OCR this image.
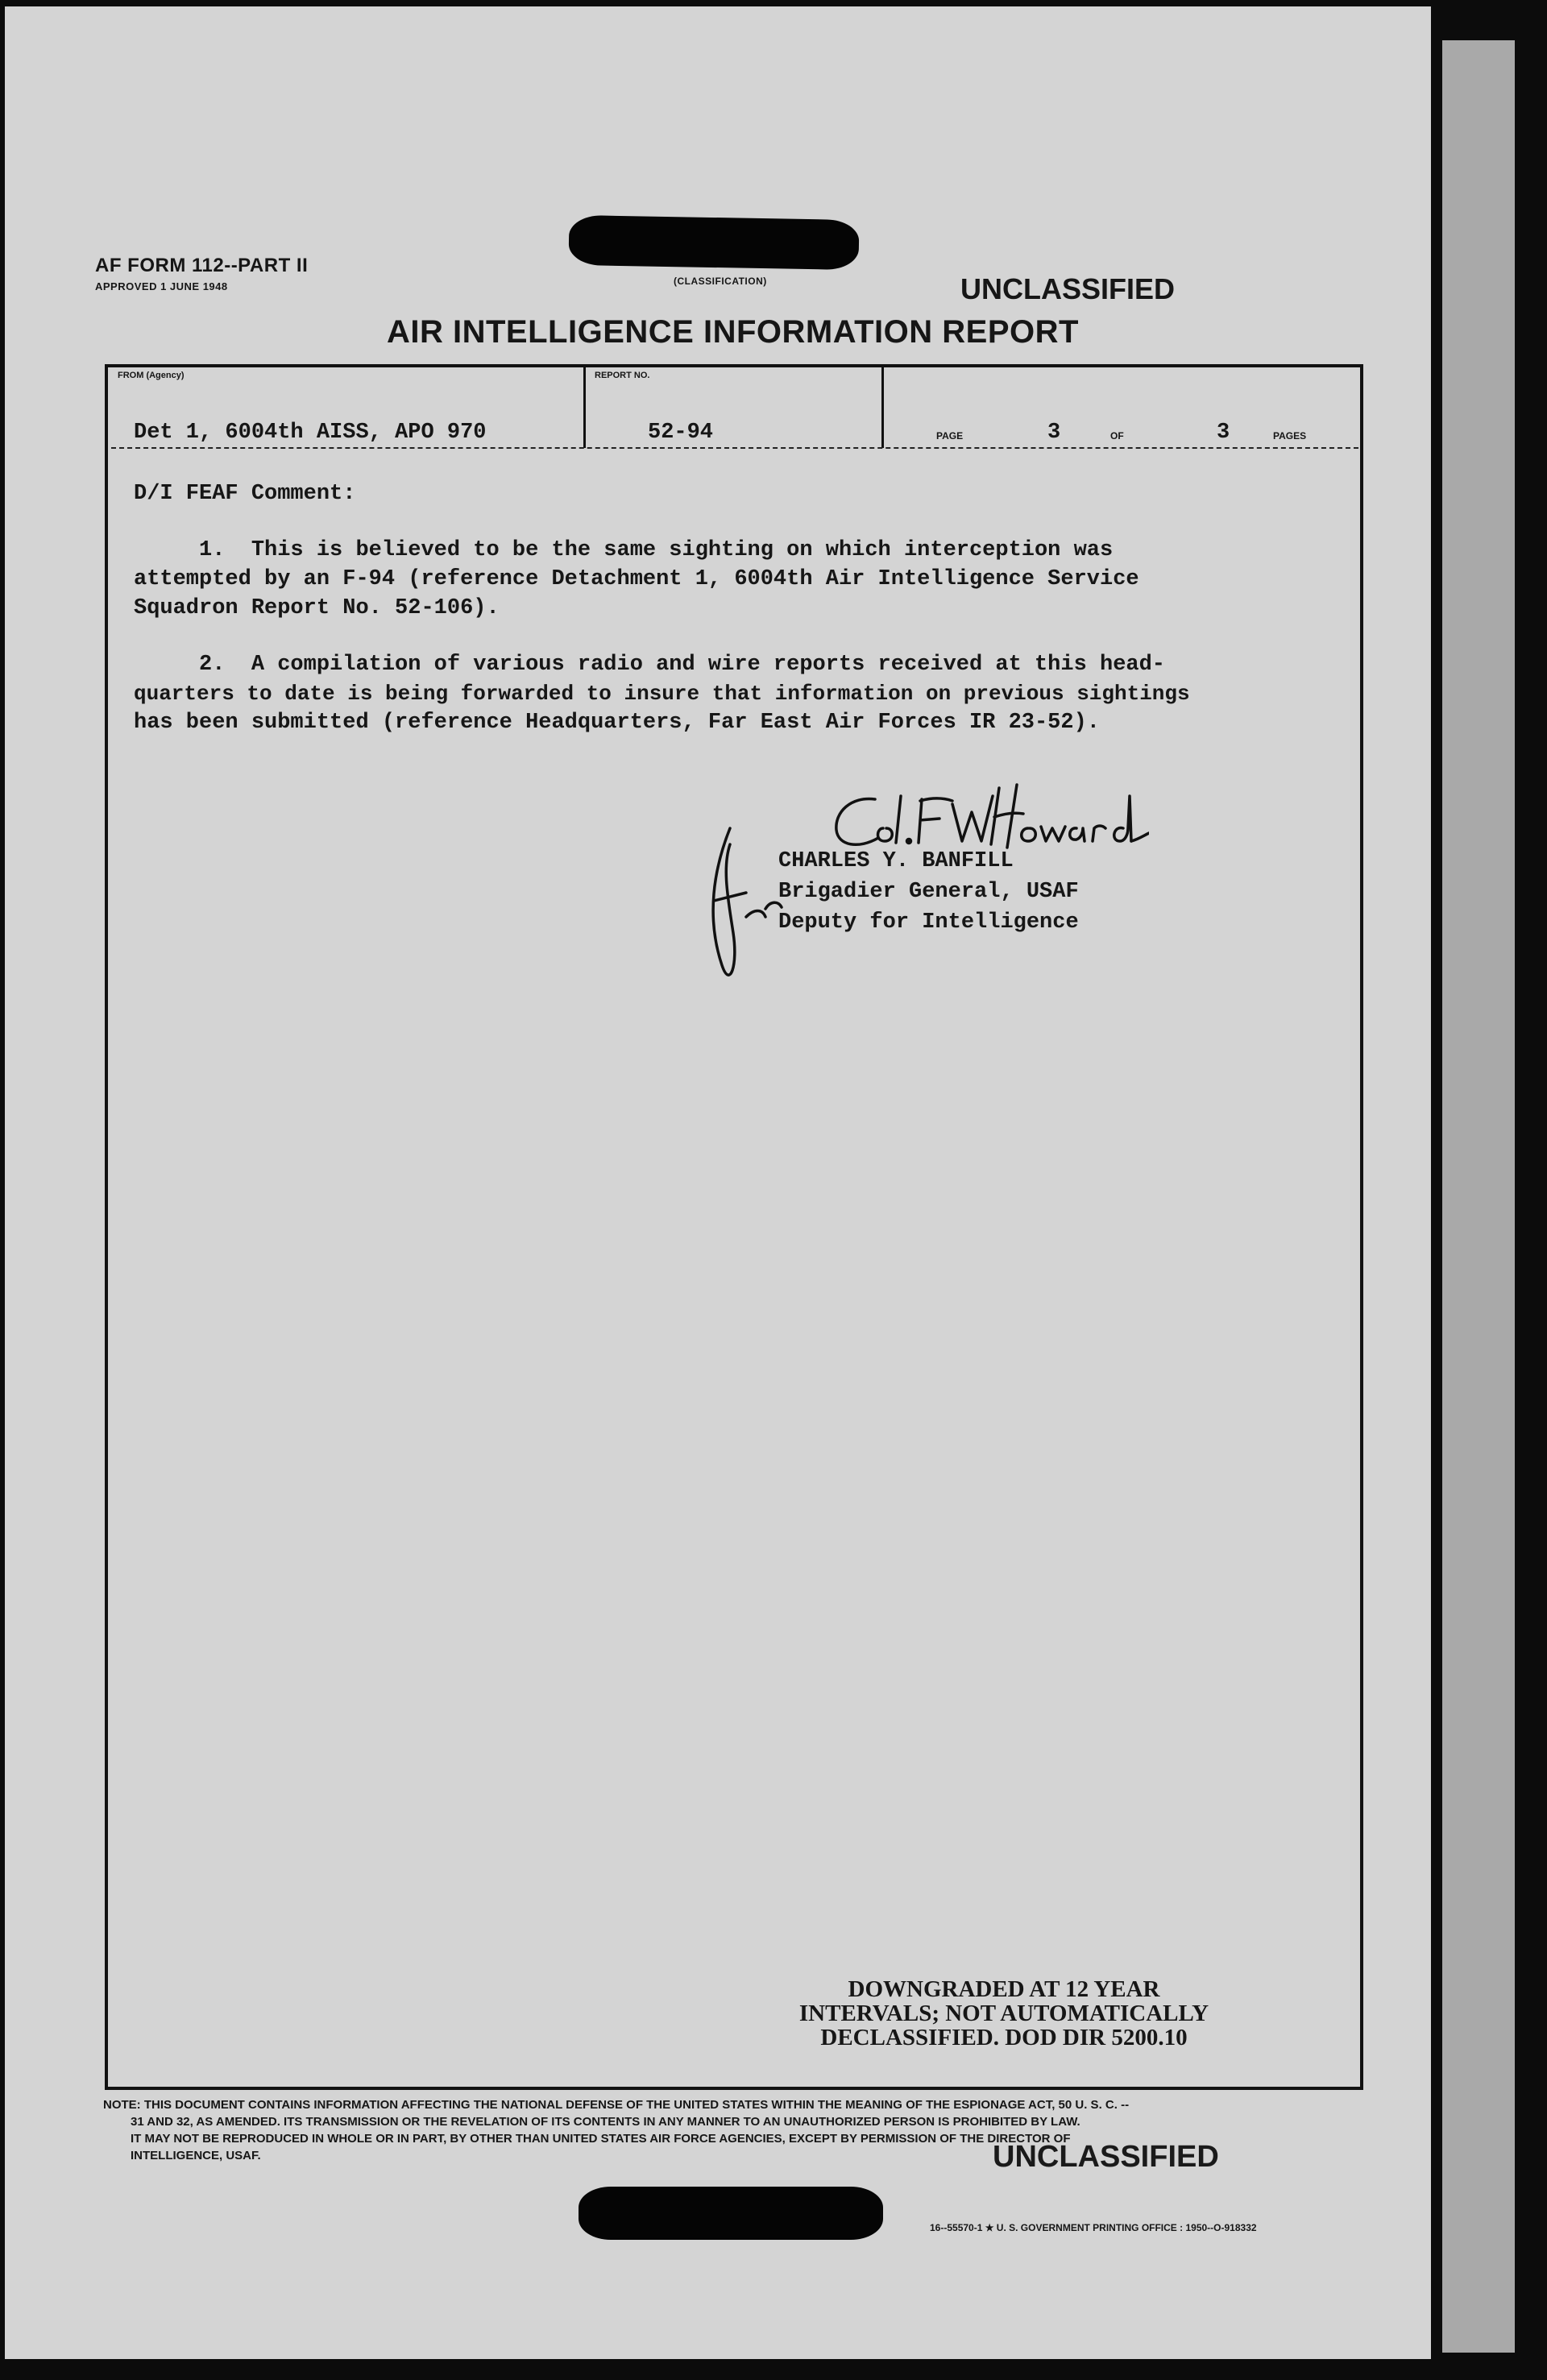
AF FORM 112--PART II
APPROVED 1 JUNE 1948	(CLASSIFICATION)	UNCLASSIFIED
AIR INTELLIGENCE INFORMATION REPORT
FROM (Agency)	REPORT NO.
Det 1, 6004th AISS, APO 970	52-94	PAGE	3	OF	3	PAGES
D/I FEAF Comment:
1.  This is believed to be the same sighting on which interception was
attempted by an F-94 (reference Detachment 1, 6004th Air Intelligence Service
Squadron Report No. 52-106).
2.  A compilation of various radio and wire reports received at this head-
quarters to date is being forwarded to insure that information on previous sightings
has been submitted (reference Headquarters, Far East Air Forces IR 23-52).
CHARLES Y. BANFILL
Brigadier General, USAF
Deputy for Intelligence
DOWNGRADED AT 12 YEAR
INTERVALS; NOT AUTOMATICALLY
DECLASSIFIED. DOD DIR 5200.10
NOTE: THIS DOCUMENT CONTAINS INFORMATION AFFECTING THE NATIONAL DEFENSE OF THE UNITED STATES WITHIN THE MEANING OF THE ESPIONAGE ACT, 50 U. S. C. --
31 AND 32, AS AMENDED. ITS TRANSMISSION OR THE REVELATION OF ITS CONTENTS IN ANY MANNER TO AN UNAUTHORIZED PERSON IS PROHIBITED BY LAW.
IT MAY NOT BE REPRODUCED IN WHOLE OR IN PART, BY OTHER THAN UNITED STATES AIR FORCE AGENCIES, EXCEPT BY PERMISSION OF THE DIRECTOR OF
INTELLIGENCE, USAF.	UNCLASSIFIED
16--55570-1 ★ U. S. GOVERNMENT PRINTING OFFICE : 1950--O-918332
